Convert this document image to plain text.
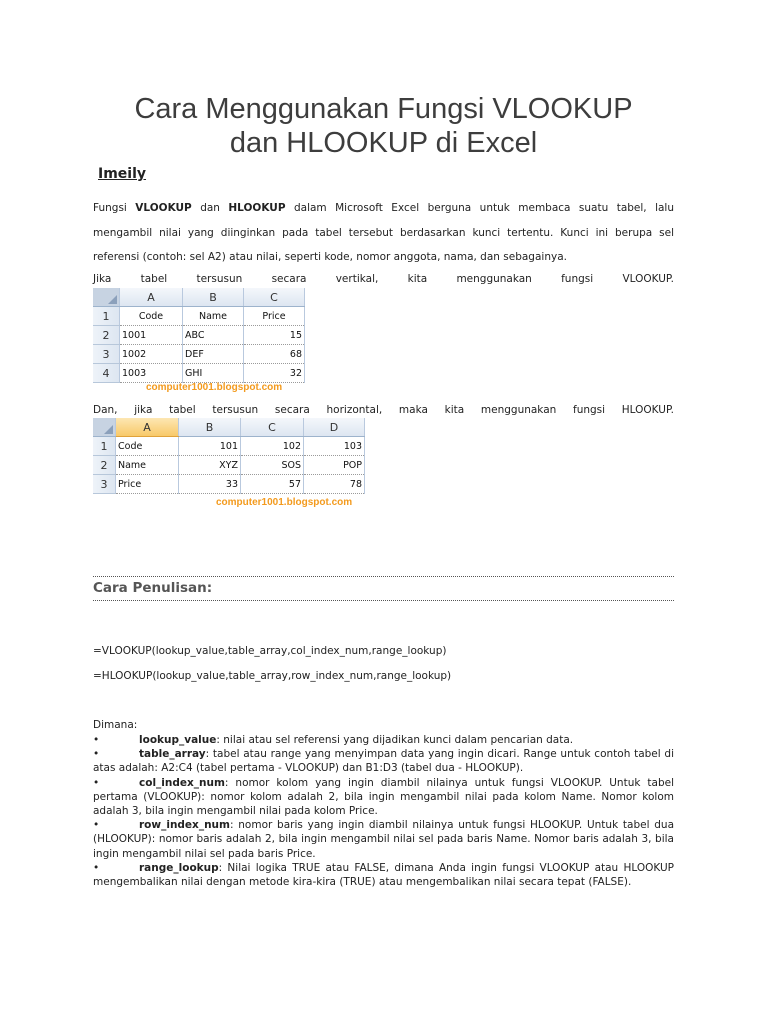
Cara Menggunakan Fungsi VLOOKUP
dan HLOOKUP di Excel
Imeily

Fungsi VLOOKUP dan HLOOKUP dalam Microsoft Excel berguna untuk membaca suatu tabel, lalu mengambil nilai yang diinginkan pada tabel tersebut berdasarkan kunci tertentu. Kunci ini berupa sel referensi (contoh: sel A2) atau nilai, seperti kode, nomor anggota, nama, dan sebagainya.

Jika	tabel	tersusun	secara	vertikal,	kita	menggunakan	fungsi	VLOOKUP.
	A	B	C
1	Code	Name	Price
2	1001	ABC	15
3	1002	DEF	68
4	1003	GHI	32
computer1001.blogspot.com
Dan, jika tabel tersusun secara horizontal, maka kita menggunakan fungsi HLOOKUP.
	A	B	C	D
1	Code	101	102	103
2	Name	XYZ	SOS	POP
3	Price	33	57	78
computer1001.blogspot.com
Cara Penulisan:
=VLOOKUP(lookup_value,table_array,col_index_num,range_lookup)
=HLOOKUP(lookup_value,table_array,row_index_num,range_lookup)
Dimana:

•	lookup_value: nilai atau sel referensi yang dijadikan kunci dalam pencarian data.

•	table_array: tabel atau range yang menyimpan data yang ingin dicari. Range untuk contoh tabel di atas adalah: A2:C4 (tabel pertama - VLOOKUP) dan B1:D3 (tabel dua - HLOOKUP).

•	col_index_num: nomor kolom yang ingin diambil nilainya untuk fungsi VLOOKUP. Untuk tabel pertama (VLOOKUP): nomor kolom adalah 2, bila ingin mengambil nilai pada kolom Name. Nomor kolom adalah 3, bila ingin mengambil nilai pada kolom Price.

•	row_index_num: nomor baris yang ingin diambil nilainya untuk fungsi HLOOKUP. Untuk tabel dua (HLOOKUP): nomor baris adalah 2, bila ingin mengambil nilai sel pada baris Name. Nomor baris adalah 3, bila ingin mengambil nilai sel pada baris Price.

•	range_lookup: Nilai logika TRUE atau FALSE, dimana Anda ingin fungsi VLOOKUP atau HLOOKUP mengembalikan nilai dengan metode kira-kira (TRUE) atau mengembalikan nilai secara tepat (FALSE).
